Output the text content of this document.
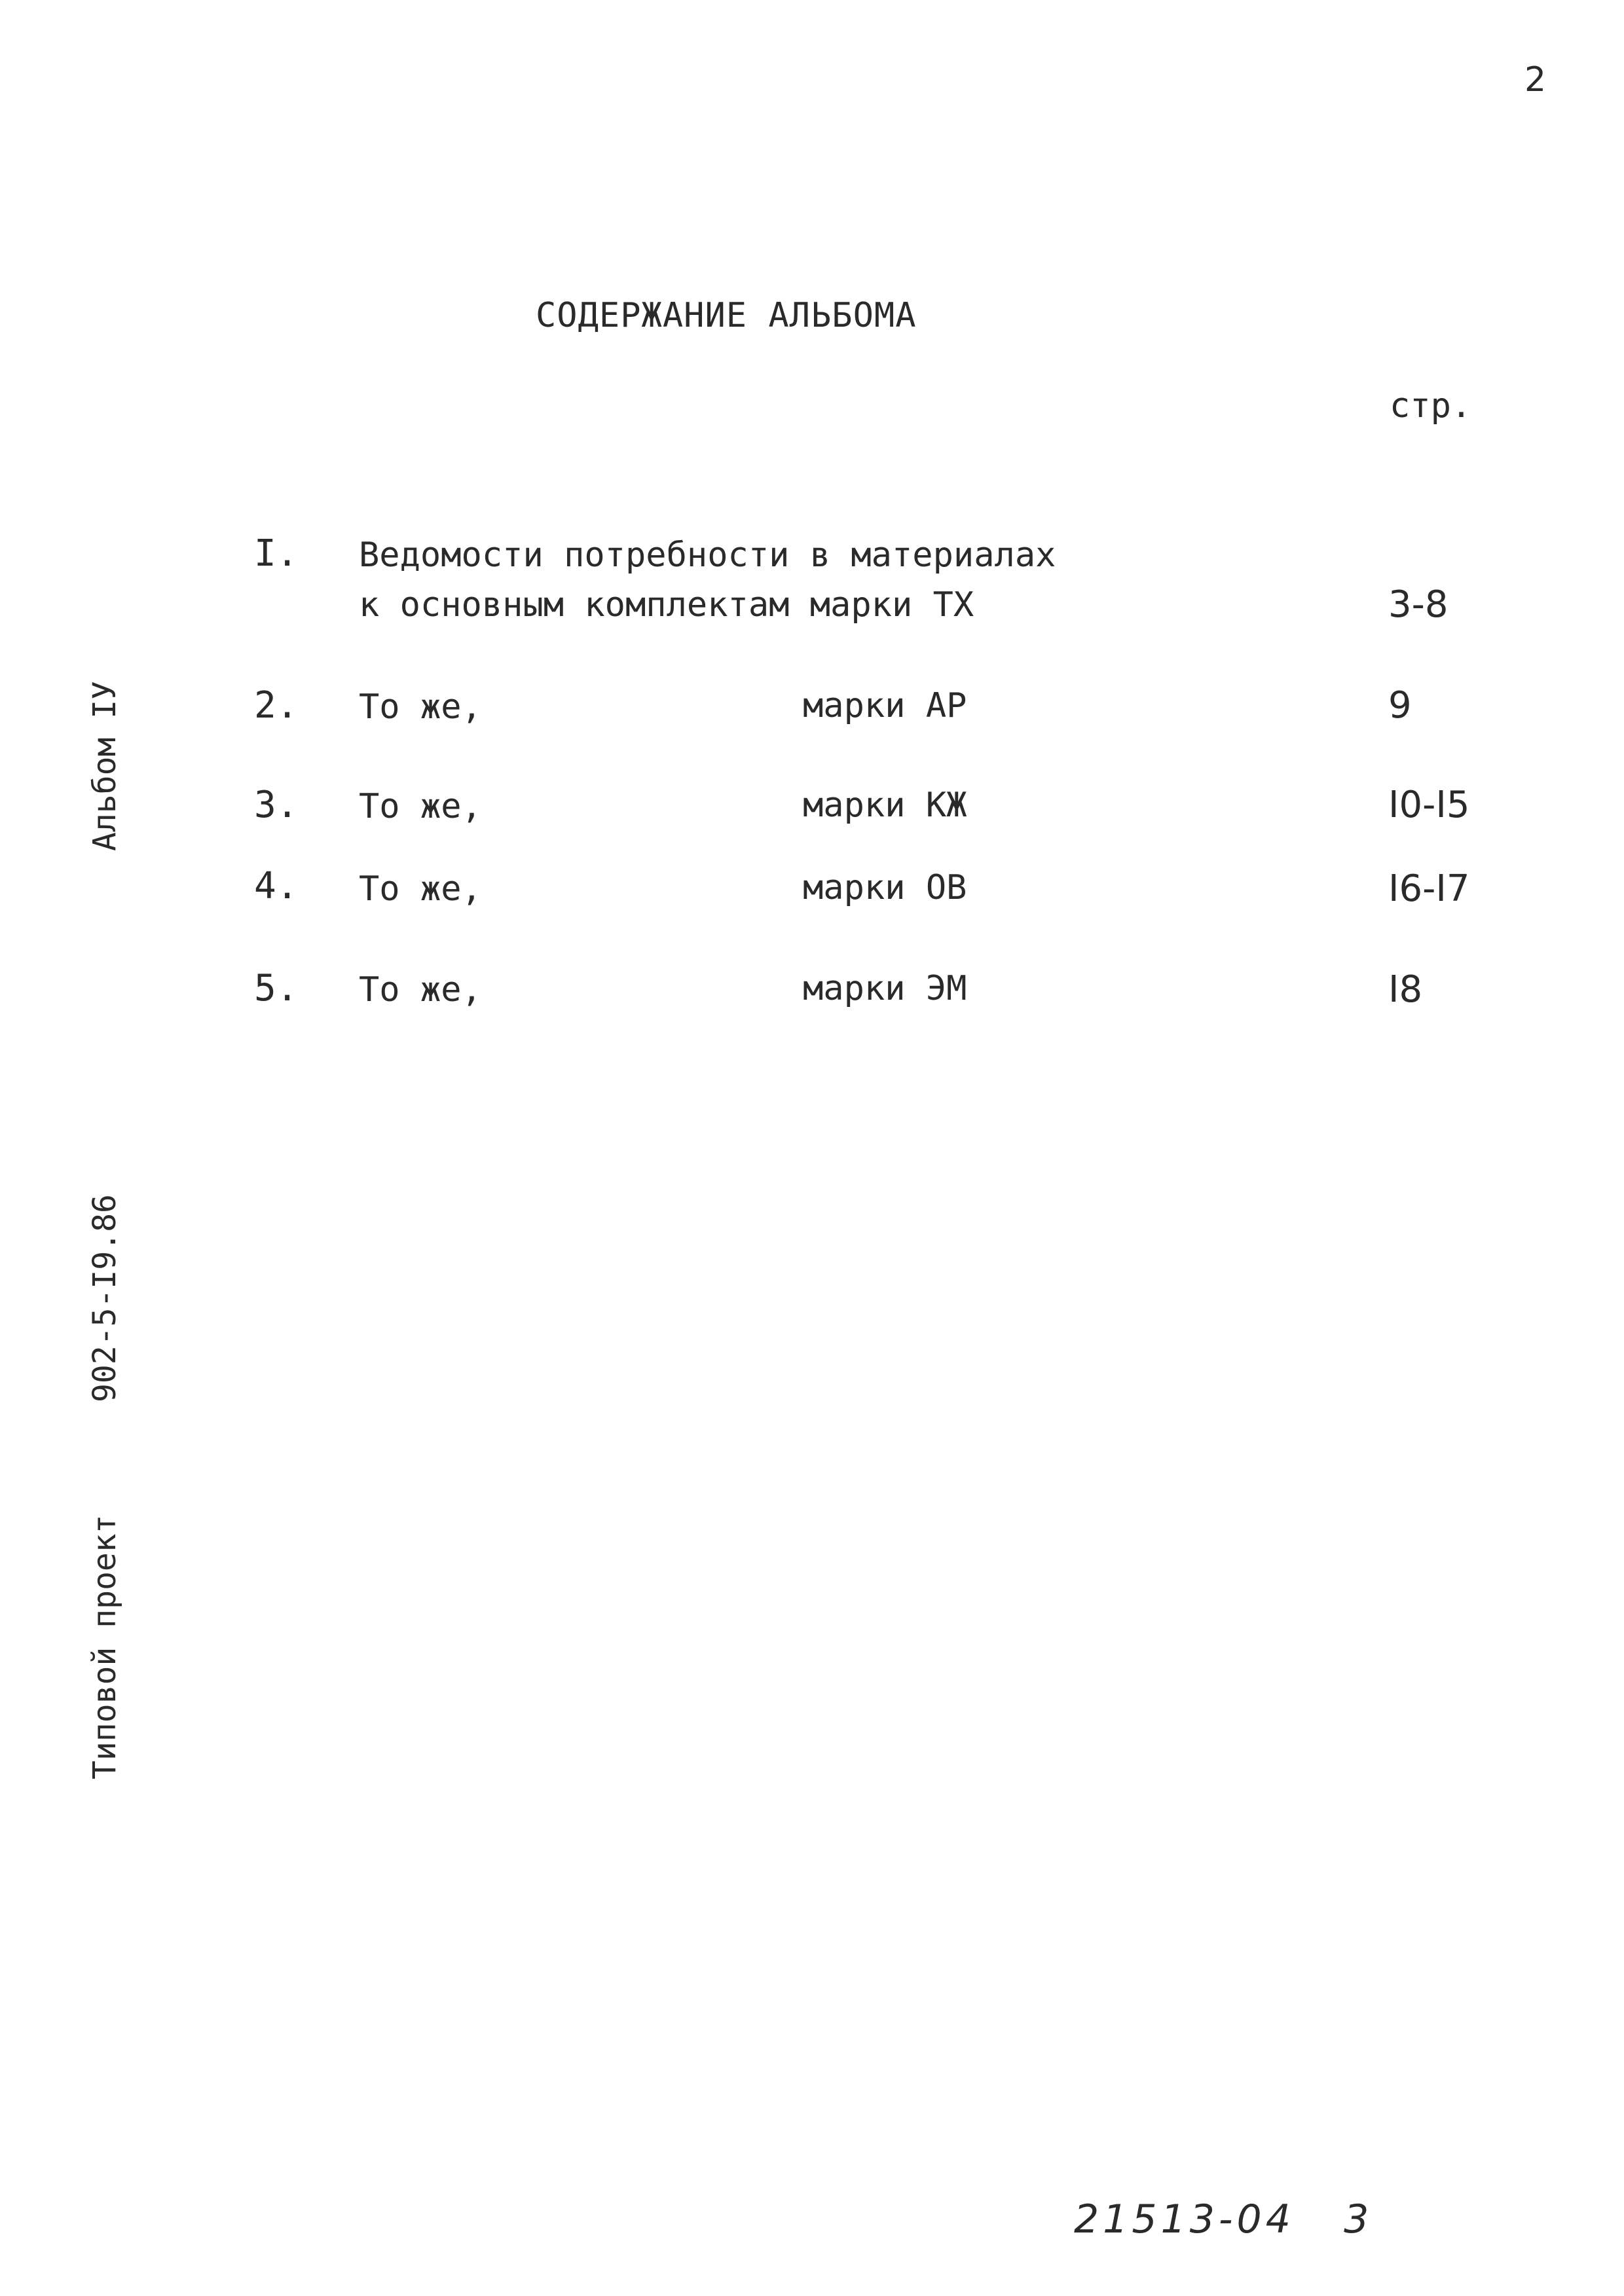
2
СОДЕРЖАНИЕ АЛЬБОМА
стр.
I. Ведомости потребности в материалах
к основным комплектам марки ТХ	3-8
2. То же,	марки АР	9
3. То же,	марки КЖ	I0-I5
4. То же,	марки ОВ	I6-I7
5. То же,	марки ЭМ	I8
Альбом IУ
902-5-I9.86
Типовой проект
21513-04 3
